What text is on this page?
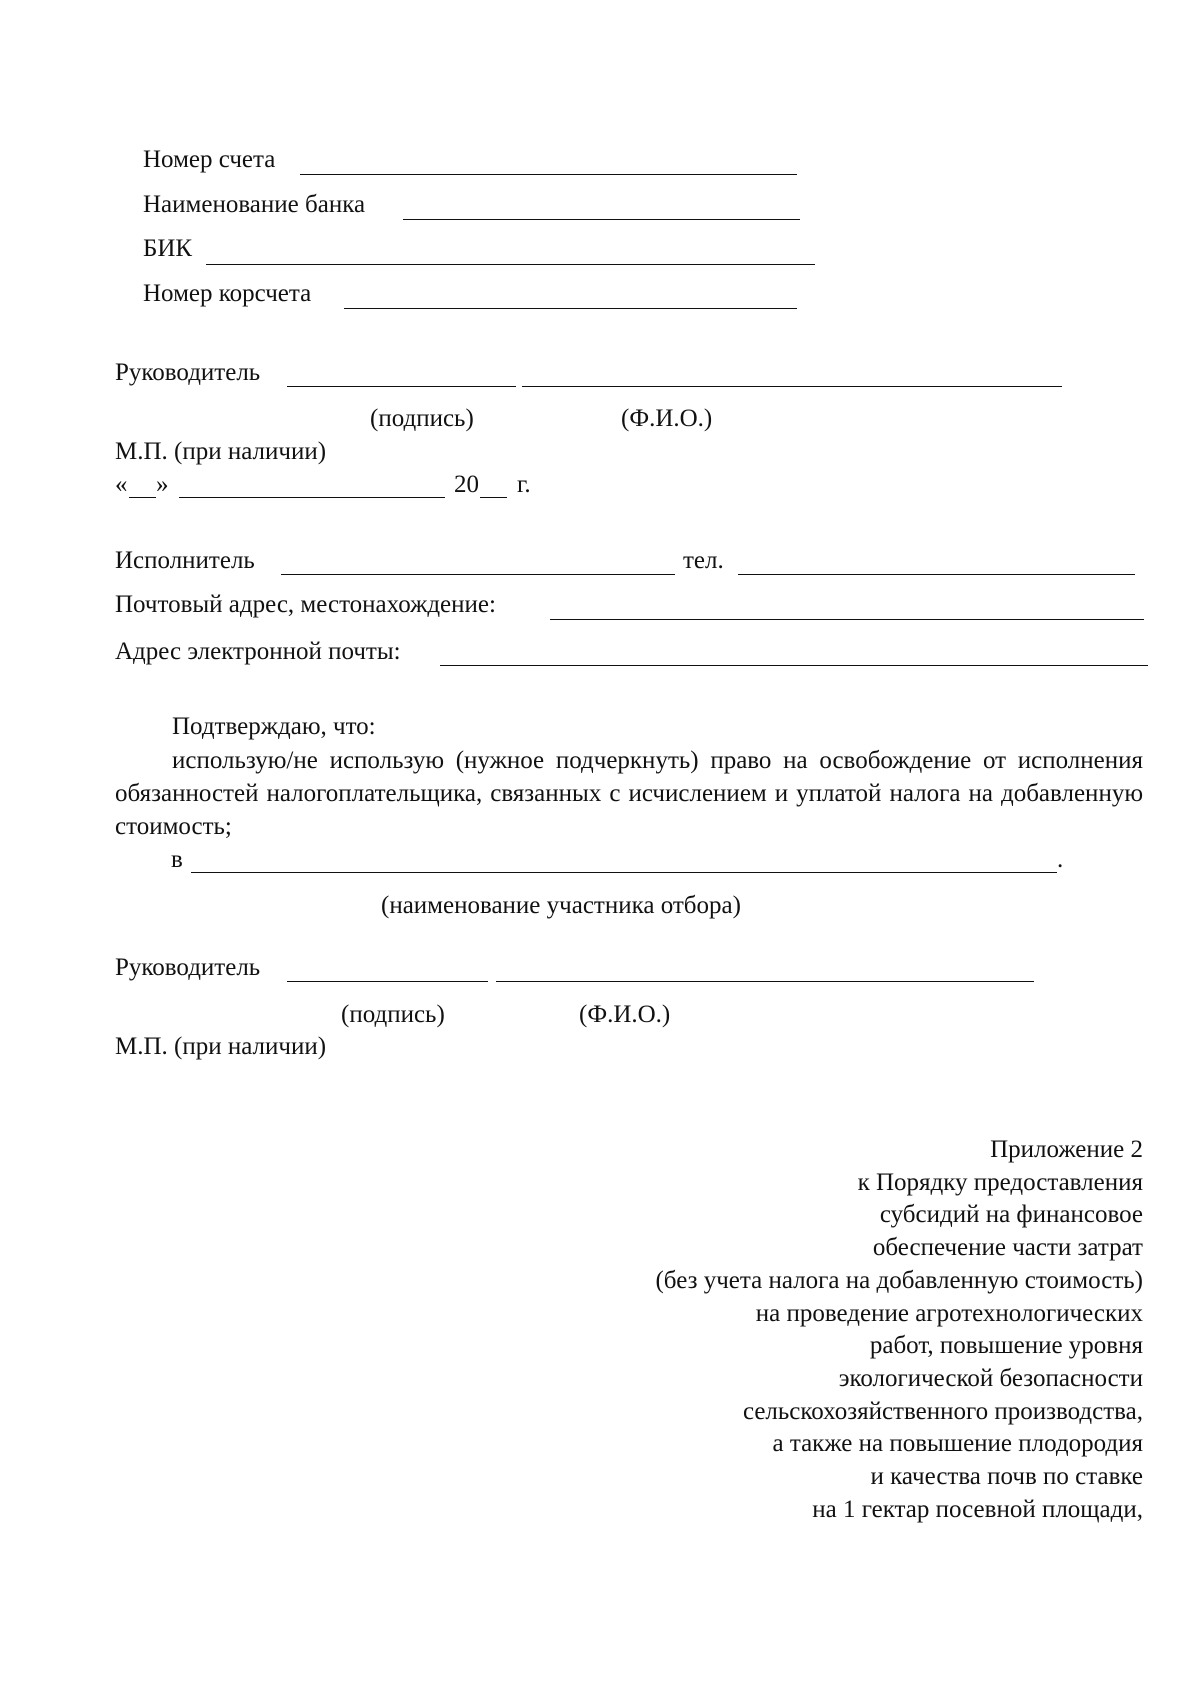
Номер счета
Наименование банка
БИК
Номер корсчета
Руководитель
(подпись)	(Ф.И.О.)
М.П. (при наличии)
« »	20 г.
Исполнитель	тел.
Почтовый адрес, местонахождение:
Адрес электронной почты:
Подтверждаю, что:
использую/не использую (нужное подчеркнуть) право на освобождение от исполнения обязанностей налогоплательщика, связанных с исчислением и уплатой налога на добавленную стоимость;
в	.
(наименование участника отбора)
Руководитель
(подпись)	(Ф.И.О.)
М.П. (при наличии)
Приложение 2
к Порядку предоставления
субсидий на финансовое
обеспечение части затрат
(без учета налога на добавленную стоимость)
на проведение агротехнологических
работ, повышение уровня
экологической безопасности
сельскохозяйственного производства,
а также на повышение плодородия
и качества почв по ставке
на 1 гектар посевной площади,
